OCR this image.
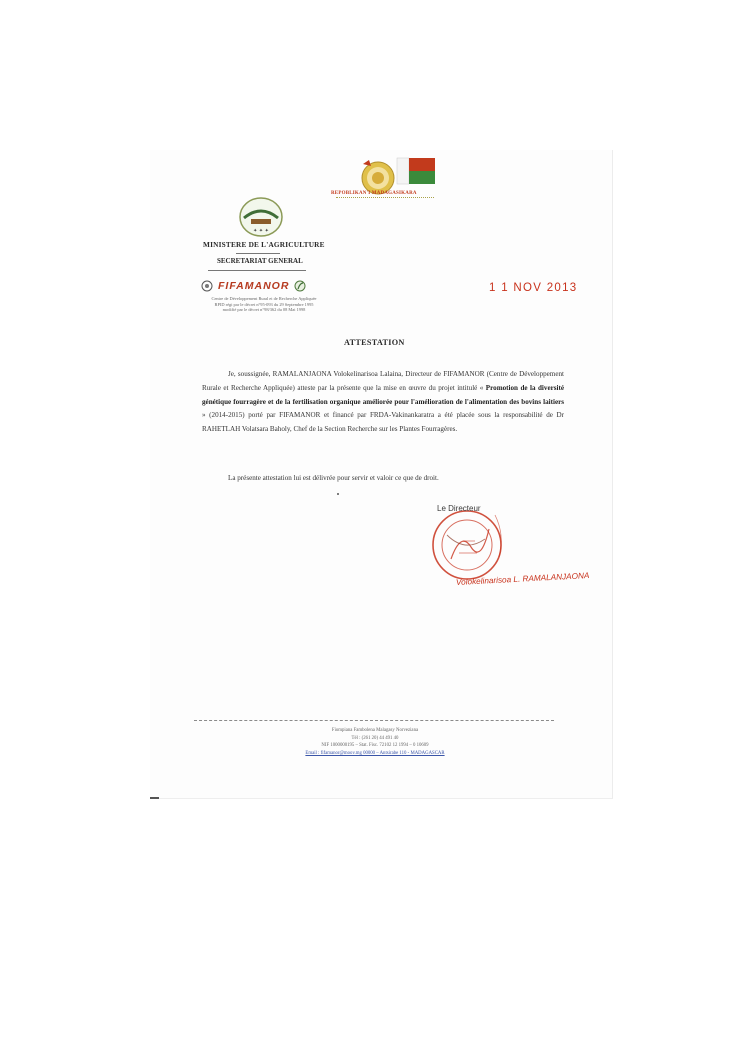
REPOBLIKAN'I MADAGASIKARA
✦ ✦ ✦
MINISTERE DE L'AGRICULTURE
SECRETARIAT GENERAL
FIFAMANOR
Centre de Développement Rural et de Recherche Appliquée
RPID régi par le décret n°95-093 du 29 Septembre 1995
modifié par le décret n°98/362 du 08 Mai 1998
1 1 NOV 2013
ATTESTATION
Je, soussignée, RAMALANJAONA Volokelinarisoa Lalaina, Directeur de FIFAMANOR (Centre de Développement Rurale et Recherche Appliquée) atteste par la présente que la mise en œuvre du projet intitulé « Promotion de la diversité génétique fourragère et de la fertilisation organique améliorée pour l'amélioration de l'alimentation des bovins laitiers » (2014-2015) porté par FIFAMANOR et financé par FRDA-Vakinankaratra a été placée sous la responsabilité de Dr RAHETLAH Volatsara Baholy, Chef de la Section Recherche sur les Plantes Fourragères.
La présente attestation lui est délivrée pour servir et valoir ce que de droit.
Le Directeur
Volokelinarisoa L. RAMALANJAONA
Fiompiana Fambolena Malagasy Norveziana
Tél : (261 20) 44 491 40
NIF 1000000195 – Stat. Fisc. 72102 12 1994 – 0 10609
Email : fifamanor@moov.mg 00000 – Antsirabe 110 - MADAGASCAR
